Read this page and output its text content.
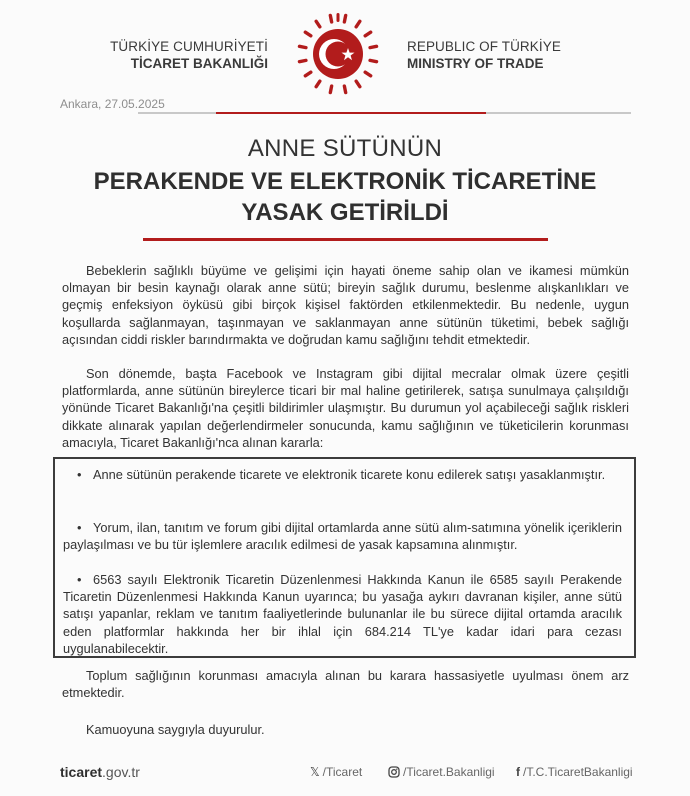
TÜRKİYE CUMHURİYETİ
TİCARET BAKANLIĞI
REPUBLIC OF TÜRKİYE
MINISTRY OF TRADE
Ankara, 27.05.2025
ANNE SÜTÜNÜN
PERAKENDE VE ELEKTRONİK TİCARETİNE
YASAK GETİRİLDİ
Bebeklerin sağlıklı büyüme ve gelişimi için hayati öneme sahip olan ve ikamesi mümkün olmayan bir besin kaynağı olarak anne sütü; bireyin sağlık durumu, beslenme alışkanlıkları ve geçmiş enfeksiyon öyküsü gibi birçok kişisel faktörden etkilenmektedir. Bu nedenle, uygun koşullarda sağlanmayan, taşınmayan ve saklanmayan anne sütünün tüketimi, bebek sağlığı açısından ciddi riskler barındırmakta ve doğrudan kamu sağlığını tehdit etmektedir.
Son dönemde, başta Facebook ve Instagram gibi dijital mecralar olmak üzere çeşitli platformlarda, anne sütünün bireylerce ticari bir mal haline getirilerek, satışa sunulmaya çalışıldığı yönünde Ticaret Bakanlığı'na çeşitli bildirimler ulaşmıştır. Bu durumun yol açabileceği sağlık riskleri dikkate alınarak yapılan değerlendirmeler sonucunda, kamu sağlığının ve tüketicilerin korunması amacıyla, Ticaret Bakanlığı'nca alınan kararla:
• Anne sütünün perakende ticarete ve elektronik ticarete konu edilerek satışı yasaklanmıştır.
• Yorum, ilan, tanıtım ve forum gibi dijital ortamlarda anne sütü alım-satımına yönelik içeriklerin paylaşılması ve bu tür işlemlere aracılık edilmesi de yasak kapsamına alınmıştır.
• 6563 sayılı Elektronik Ticaretin Düzenlenmesi Hakkında Kanun ile 6585 sayılı Perakende Ticaretin Düzenlenmesi Hakkında Kanun uyarınca; bu yasağa aykırı davranan kişiler, anne sütü satışı yapanlar, reklam ve tanıtım faaliyetlerinde bulunanlar ile bu sürece dijital ortamda aracılık eden platformlar hakkında her bir ihlal için 684.214 TL'ye kadar idari para cezası uygulanabilecektir.
Toplum sağlığının korunması amacıyla alınan bu karara hassasiyetle uyulması önem arz etmektedir.
Kamuoyuna saygıyla duyurulur.
ticaret.gov.tr	𝕏 /Ticaret	/Ticaret.Bakanligi f /T.C.TicaretBakanligi
